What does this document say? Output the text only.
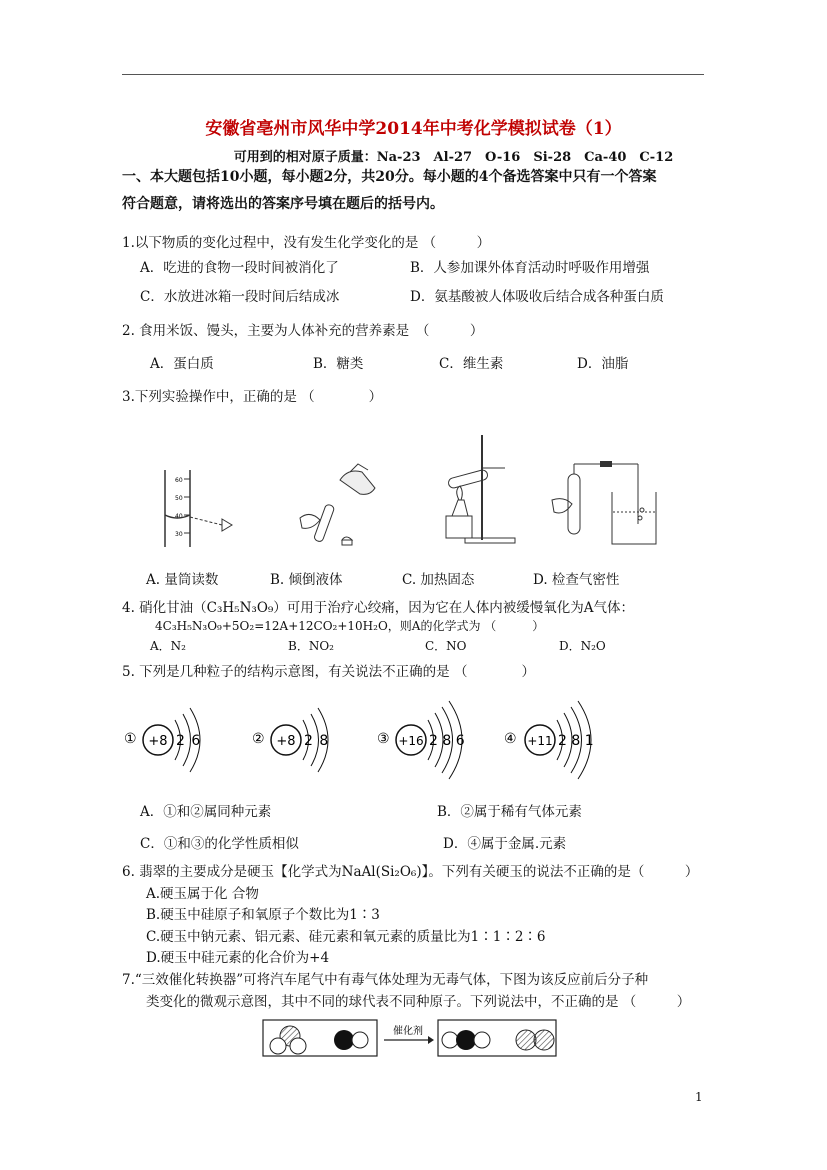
安徽省亳州市风华中学2014年中考化学模拟试卷（1）
可用到的相对原子质量：Na-23　Al-27　O-16　Si-28　Ca-40　C-12
一、本大题包括10小题，每小题2分，共20分。每小题的4个备选答案中只有一个答案
符合题意，请将选出的答案序号填在题后的括号内。
1.以下物质的变化过程中，没有发生化学变化的是 （　　　）
A．吃进的食物一段时间被消化了	B．人参加课外体育活动时呼吸作用增强
C．水放进冰箱一段时间后结成冰	D．氨基酸被人体吸收后结合成各种蛋白质
2. 食用米饭、馒头，主要为人体补充的营养素是　（　　　）
A．蛋白质	B．糖类	C．维生素	D．油脂
3.下列实验操作中，正确的是 （　　　　）
60
50
40
30
A. 量筒读数	B. 倾倒液体	C. 加热固态	D. 检查气密性
4. 硝化甘油（C₃H₅N₃O₉）可用于治疗心绞痛，因为它在人体内被缓慢氧化为A气体：
4C₃H₅N₃O₉+5O₂=12A+12CO₂+10H₂O，则A的化学式为 （　　　）
A．N₂	B．NO₂	C．NO	D．N₂O
5. 下列是几种粒子的结构示意图，有关说法不正确的是 （　　　　）
① +8 2 6	② +8 2 8	③ +16 2 8 6	④ +11 2 8 1
A．①和②属同种元素	B．②属于稀有气体元素
C．①和③的化学性质相似	D．④属于金属.元素
6. 翡翠的主要成分是硬玉【化学式为NaAl(Si₂O₆)】。下列有关硬玉的说法不正确的是（　　　）
A.硬玉属于化 合物
B.硬玉中硅原子和氧原子个数比为1∶3
C.硬玉中钠元素、铝元素、硅元素和氧元素的质量比为1∶1∶2∶6
D.硬玉中硅元素的化合价为+4
7.“三效催化转换器”可将汽车尾气中有毒气体处理为无毒气体，下图为该反应前后分子种
类变化的微观示意图，其中不同的球代表不同种原子。下列说法中，不正确的是 （　　　）
催化剂
1
